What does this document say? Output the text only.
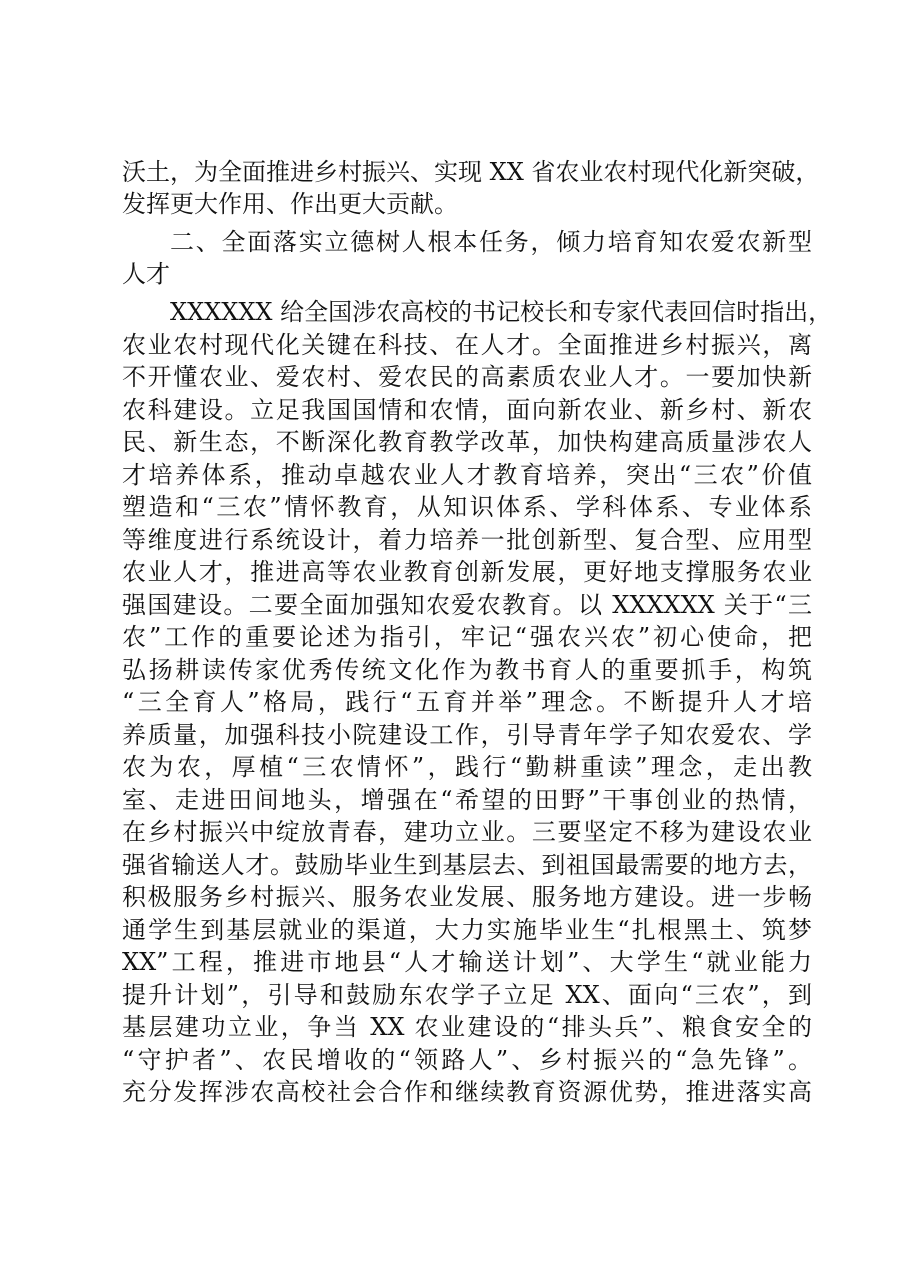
沃土，为全面推进乡村振兴、实现 XX 省农业农村现代化新突破，
发挥更大作用、作出更大贡献。
二、全面落实立德树人根本任务，倾力培育知农爱农新型
人才
XXXXXX 给全国涉农高校的书记校长和专家代表回信时指出，
农业农村现代化关键在科技、在人才。全面推进乡村振兴，离
不开懂农业、爱农村、爱农民的高素质农业人才。一要加快新
农科建设。立足我国国情和农情，面向新农业、新乡村、新农
民、新生态，不断深化教育教学改革，加快构建高质量涉农人
才培养体系，推动卓越农业人才教育培养，突出“三农”价值
塑造和“三农”情怀教育，从知识体系、学科体系、专业体系
等维度进行系统设计，着力培养一批创新型、复合型、应用型
农业人才，推进高等农业教育创新发展，更好地支撑服务农业
强国建设。二要全面加强知农爱农教育。以 XXXXXX 关于“三
农”工作的重要论述为指引，牢记“强农兴农”初心使命，把
弘扬耕读传家优秀传统文化作为教书育人的重要抓手，构筑
“三全育人”格局，践行“五育并举”理念。不断提升人才培
养质量，加强科技小院建设工作，引导青年学子知农爱农、学
农为农，厚植“三农情怀”，践行“勤耕重读”理念，走出教
室、走进田间地头，增强在“希望的田野”干事创业的热情，
在乡村振兴中绽放青春，建功立业。三要坚定不移为建设农业
强省输送人才。鼓励毕业生到基层去、到祖国最需要的地方去，
积极服务乡村振兴、服务农业发展、服务地方建设。进一步畅
通学生到基层就业的渠道，大力实施毕业生“扎根黑土、筑梦
XX”工程，推进市地县“人才输送计划”、大学生“就业能力
提升计划”，引导和鼓励东农学子立足 XX、面向“三农”，到
基层建功立业，争当 XX 农业建设的“排头兵”、粮食安全的
“守护者”、农民增收的“领路人”、乡村振兴的“急先锋”。
充分发挥涉农高校社会合作和继续教育资源优势，推进落实高
